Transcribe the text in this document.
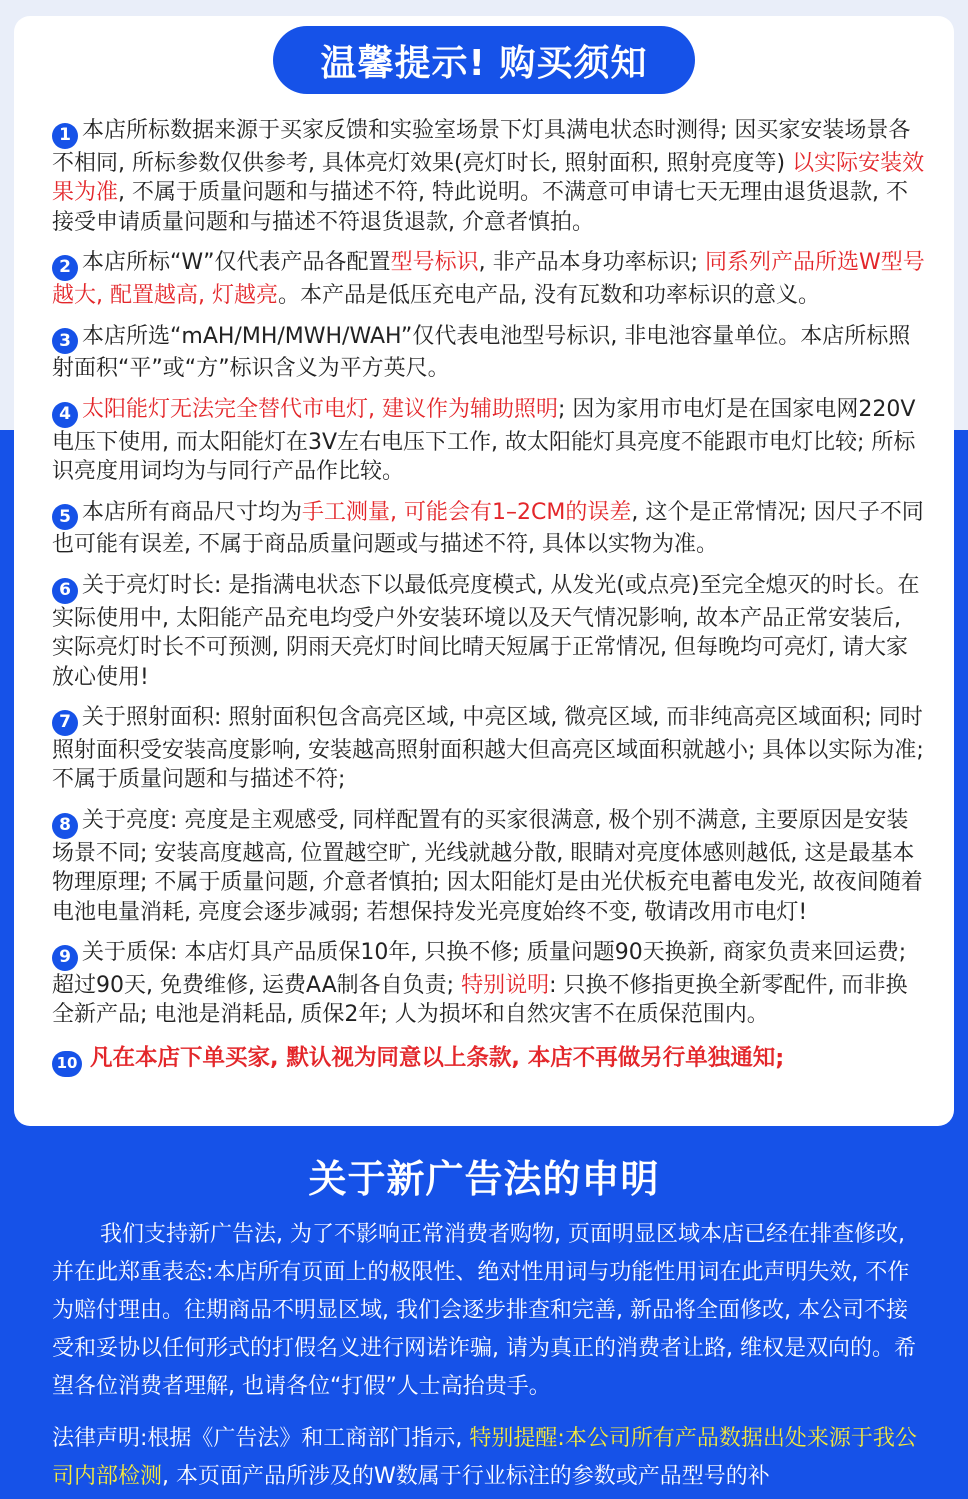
温馨提示! 购买须知
1 本店所标数据来源于买家反馈和实验室场景下灯具满电状态时测得; 因买家安装场景各不相同, 所标参数仅供参考, 具体亮灯效果(亮灯时长, 照射面积, 照射亮度等) 以实际安装效果为准, 不属于质量问题和与描述不符, 特此说明。不满意可申请七天无理由退货退款, 不接受申请质量问题和与描述不符退货退款, 介意者慎拍。
2 本店所标“W”仅代表产品各配置型号标识, 非产品本身功率标识; 同系列产品所选W型号越大, 配置越高, 灯越亮。本产品是低压充电产品, 没有瓦数和功率标识的意义。
3 本店所选“mAH/MH/MWH/WAH”仅代表电池型号标识, 非电池容量单位。本店所标照射面积“平”或“方”标识含义为平方英尺。
4 太阳能灯无法完全替代市电灯, 建议作为辅助照明; 因为家用市电灯是在国家电网220V电压下使用, 而太阳能灯在3V左右电压下工作, 故太阳能灯具亮度不能跟市电灯比较; 所标识亮度用词均为与同行产品作比较。
5 本店所有商品尺寸均为手工测量, 可能会有1–2CM的误差, 这个是正常情况; 因尺子不同也可能有误差, 不属于商品质量问题或与描述不符, 具体以实物为准。
6 关于亮灯时长: 是指满电状态下以最低亮度模式, 从发光(或点亮)至完全熄灭的时长。在实际使用中, 太阳能产品充电均受户外安装环境以及天气情况影响, 故本产品正常安装后, 实际亮灯时长不可预测, 阴雨天亮灯时间比晴天短属于正常情况, 但每晚均可亮灯, 请大家放心使用!
7 关于照射面积: 照射面积包含高亮区域, 中亮区域, 微亮区域, 而非纯高亮区域面积; 同时照射面积受安装高度影响, 安装越高照射面积越大但高亮区域面积就越小; 具体以实际为准; 不属于质量问题和与描述不符;
8 关于亮度: 亮度是主观感受, 同样配置有的买家很满意, 极个别不满意, 主要原因是安装场景不同; 安装高度越高, 位置越空旷, 光线就越分散, 眼睛对亮度体感则越低, 这是最基本物理原理; 不属于质量问题, 介意者慎拍; 因太阳能灯是由光伏板充电蓄电发光, 故夜间随着电池电量消耗, 亮度会逐步减弱; 若想保持发光亮度始终不变, 敬请改用市电灯!
9 关于质保: 本店灯具产品质保10年, 只换不修; 质量问题90天换新, 商家负责来回运费; 超过90天, 免费维修, 运费AA制各自负责; 特别说明: 只换不修指更换全新零配件, 而非换全新产品; 电池是消耗品, 质保2年; 人为损坏和自然灾害不在质保范围内。
10 凡在本店下单买家, 默认视为同意以上条款, 本店不再做另行单独通知;
关于新广告法的申明
我们支持新广告法, 为了不影响正常消费者购物, 页面明显区域本店已经在排查修改, 并在此郑重表态:本店所有页面上的极限性、绝对性用词与功能性用词在此声明失效, 不作为赔付理由。往期商品不明显区域, 我们会逐步排查和完善, 新品将全面修改, 本公司不接受和妥协以任何形式的打假名义进行网诺诈骗, 请为真正的消费者让路, 维权是双向的。希望各位消费者理解, 也请各位“打假”人士高抬贵手。
法律声明:根据《广告法》和工商部门指示, 特别提醒:本公司所有产品数据出处来源于我公司内部检测, 本页面产品所涉及的W数属于行业标注的参数或产品型号的补
